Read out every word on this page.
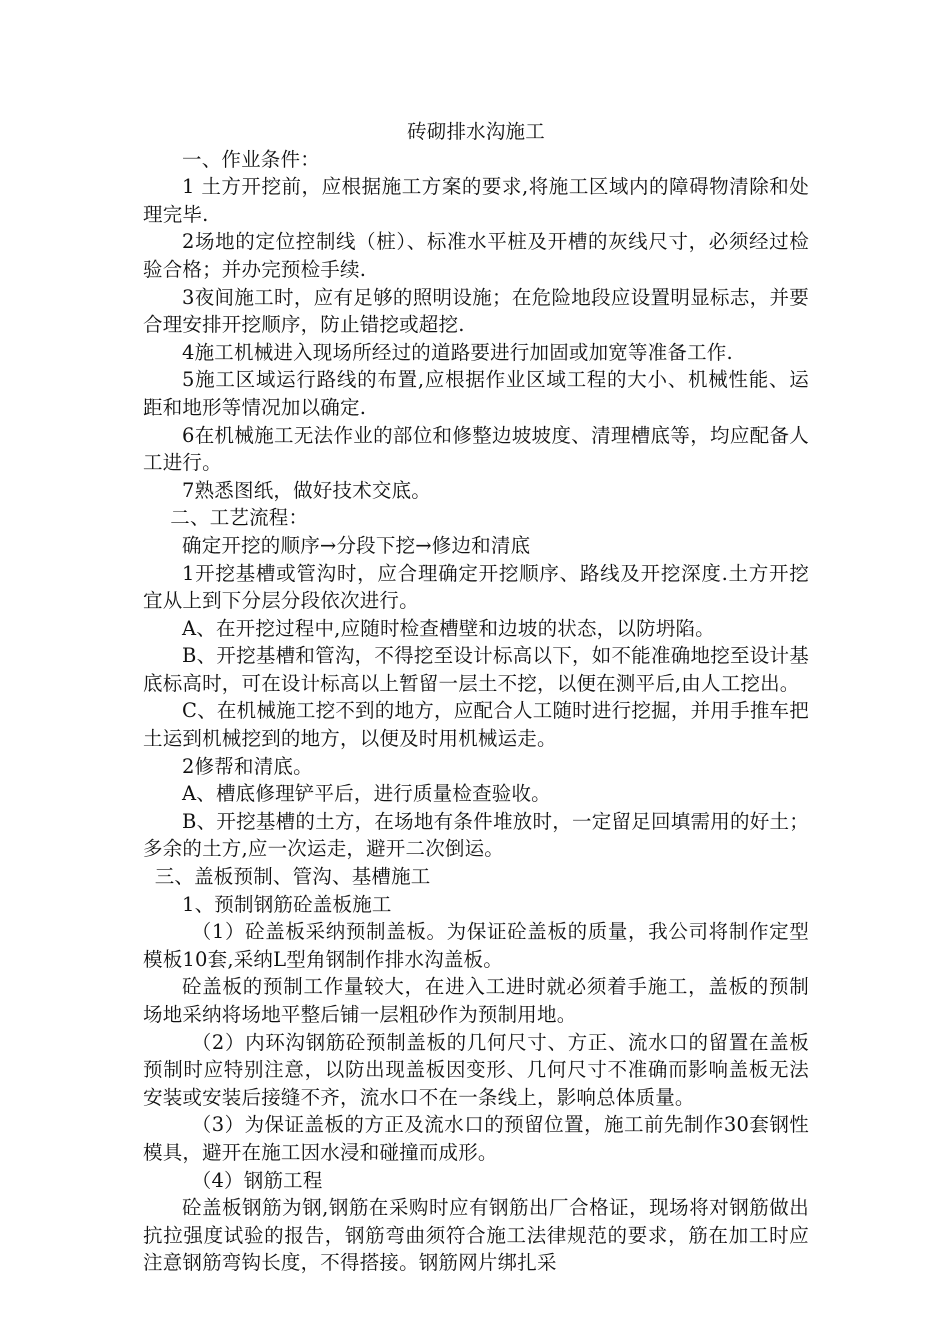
砖砌排水沟施工

一、作业条件：

1 土方开挖前，应根据施工方案的要求,将施工区域内的障碍物清除和处理完毕.

2场地的定位控制线（桩）、标准水平桩及开槽的灰线尺寸，必须经过检验合格；并办完预检手续.

3夜间施工时，应有足够的照明设施；在危险地段应设置明显标志，并要合理安排开挖顺序，防止错挖或超挖.

4施工机械进入现场所经过的道路要进行加固或加宽等准备工作.

5施工区域运行路线的布置,应根据作业区域工程的大小、机械性能、运距和地形等情况加以确定.

6在机械施工无法作业的部位和修整边坡坡度、清理槽底等，均应配备人工进行。

7熟悉图纸，做好技术交底。

二、工艺流程：

确定开挖的顺序→分段下挖→修边和清底

1开挖基槽或管沟时，应合理确定开挖顺序、路线及开挖深度.土方开挖宜从上到下分层分段依次进行。

A、在开挖过程中,应随时检查槽壁和边坡的状态，以防坍陷。

B、开挖基槽和管沟，不得挖至设计标高以下，如不能准确地挖至设计基底标高时，可在设计标高以上暂留一层土不挖，以便在测平后,由人工挖出。

C、在机械施工挖不到的地方，应配合人工随时进行挖掘，并用手推车把土运到机械挖到的地方，以便及时用机械运走。

2修帮和清底。

A、槽底修理铲平后，进行质量检查验收。

B、开挖基槽的土方，在场地有条件堆放时，一定留足回填需用的好土；多余的土方,应一次运走，避开二次倒运。

三、盖板预制、管沟、基槽施工

1、预制钢筋砼盖板施工

（1）砼盖板采纳预制盖板。为保证砼盖板的质量，我公司将制作定型模板10套,采纳L型角钢制作排水沟盖板。

砼盖板的预制工作量较大，在进入工进时就必须着手施工，盖板的预制场地采纳将场地平整后铺一层粗砂作为预制用地。

（2）内环沟钢筋砼预制盖板的几何尺寸、方正、流水口的留置在盖板预制时应特别注意，以防出现盖板因变形、几何尺寸不准确而影响盖板无法安装或安装后接缝不齐，流水口不在一条线上，影响总体质量。

（3）为保证盖板的方正及流水口的预留位置，施工前先制作30套钢性模具，避开在施工因水浸和碰撞而成形。

（4）钢筋工程

砼盖板钢筋为钢,钢筋在采购时应有钢筋出厂合格证，现场将对钢筋做出抗拉强度试验的报告，钢筋弯曲须符合施工法律规范的要求，筋在加工时应注意钢筋弯钩长度，不得搭接。钢筋网片绑扎采
